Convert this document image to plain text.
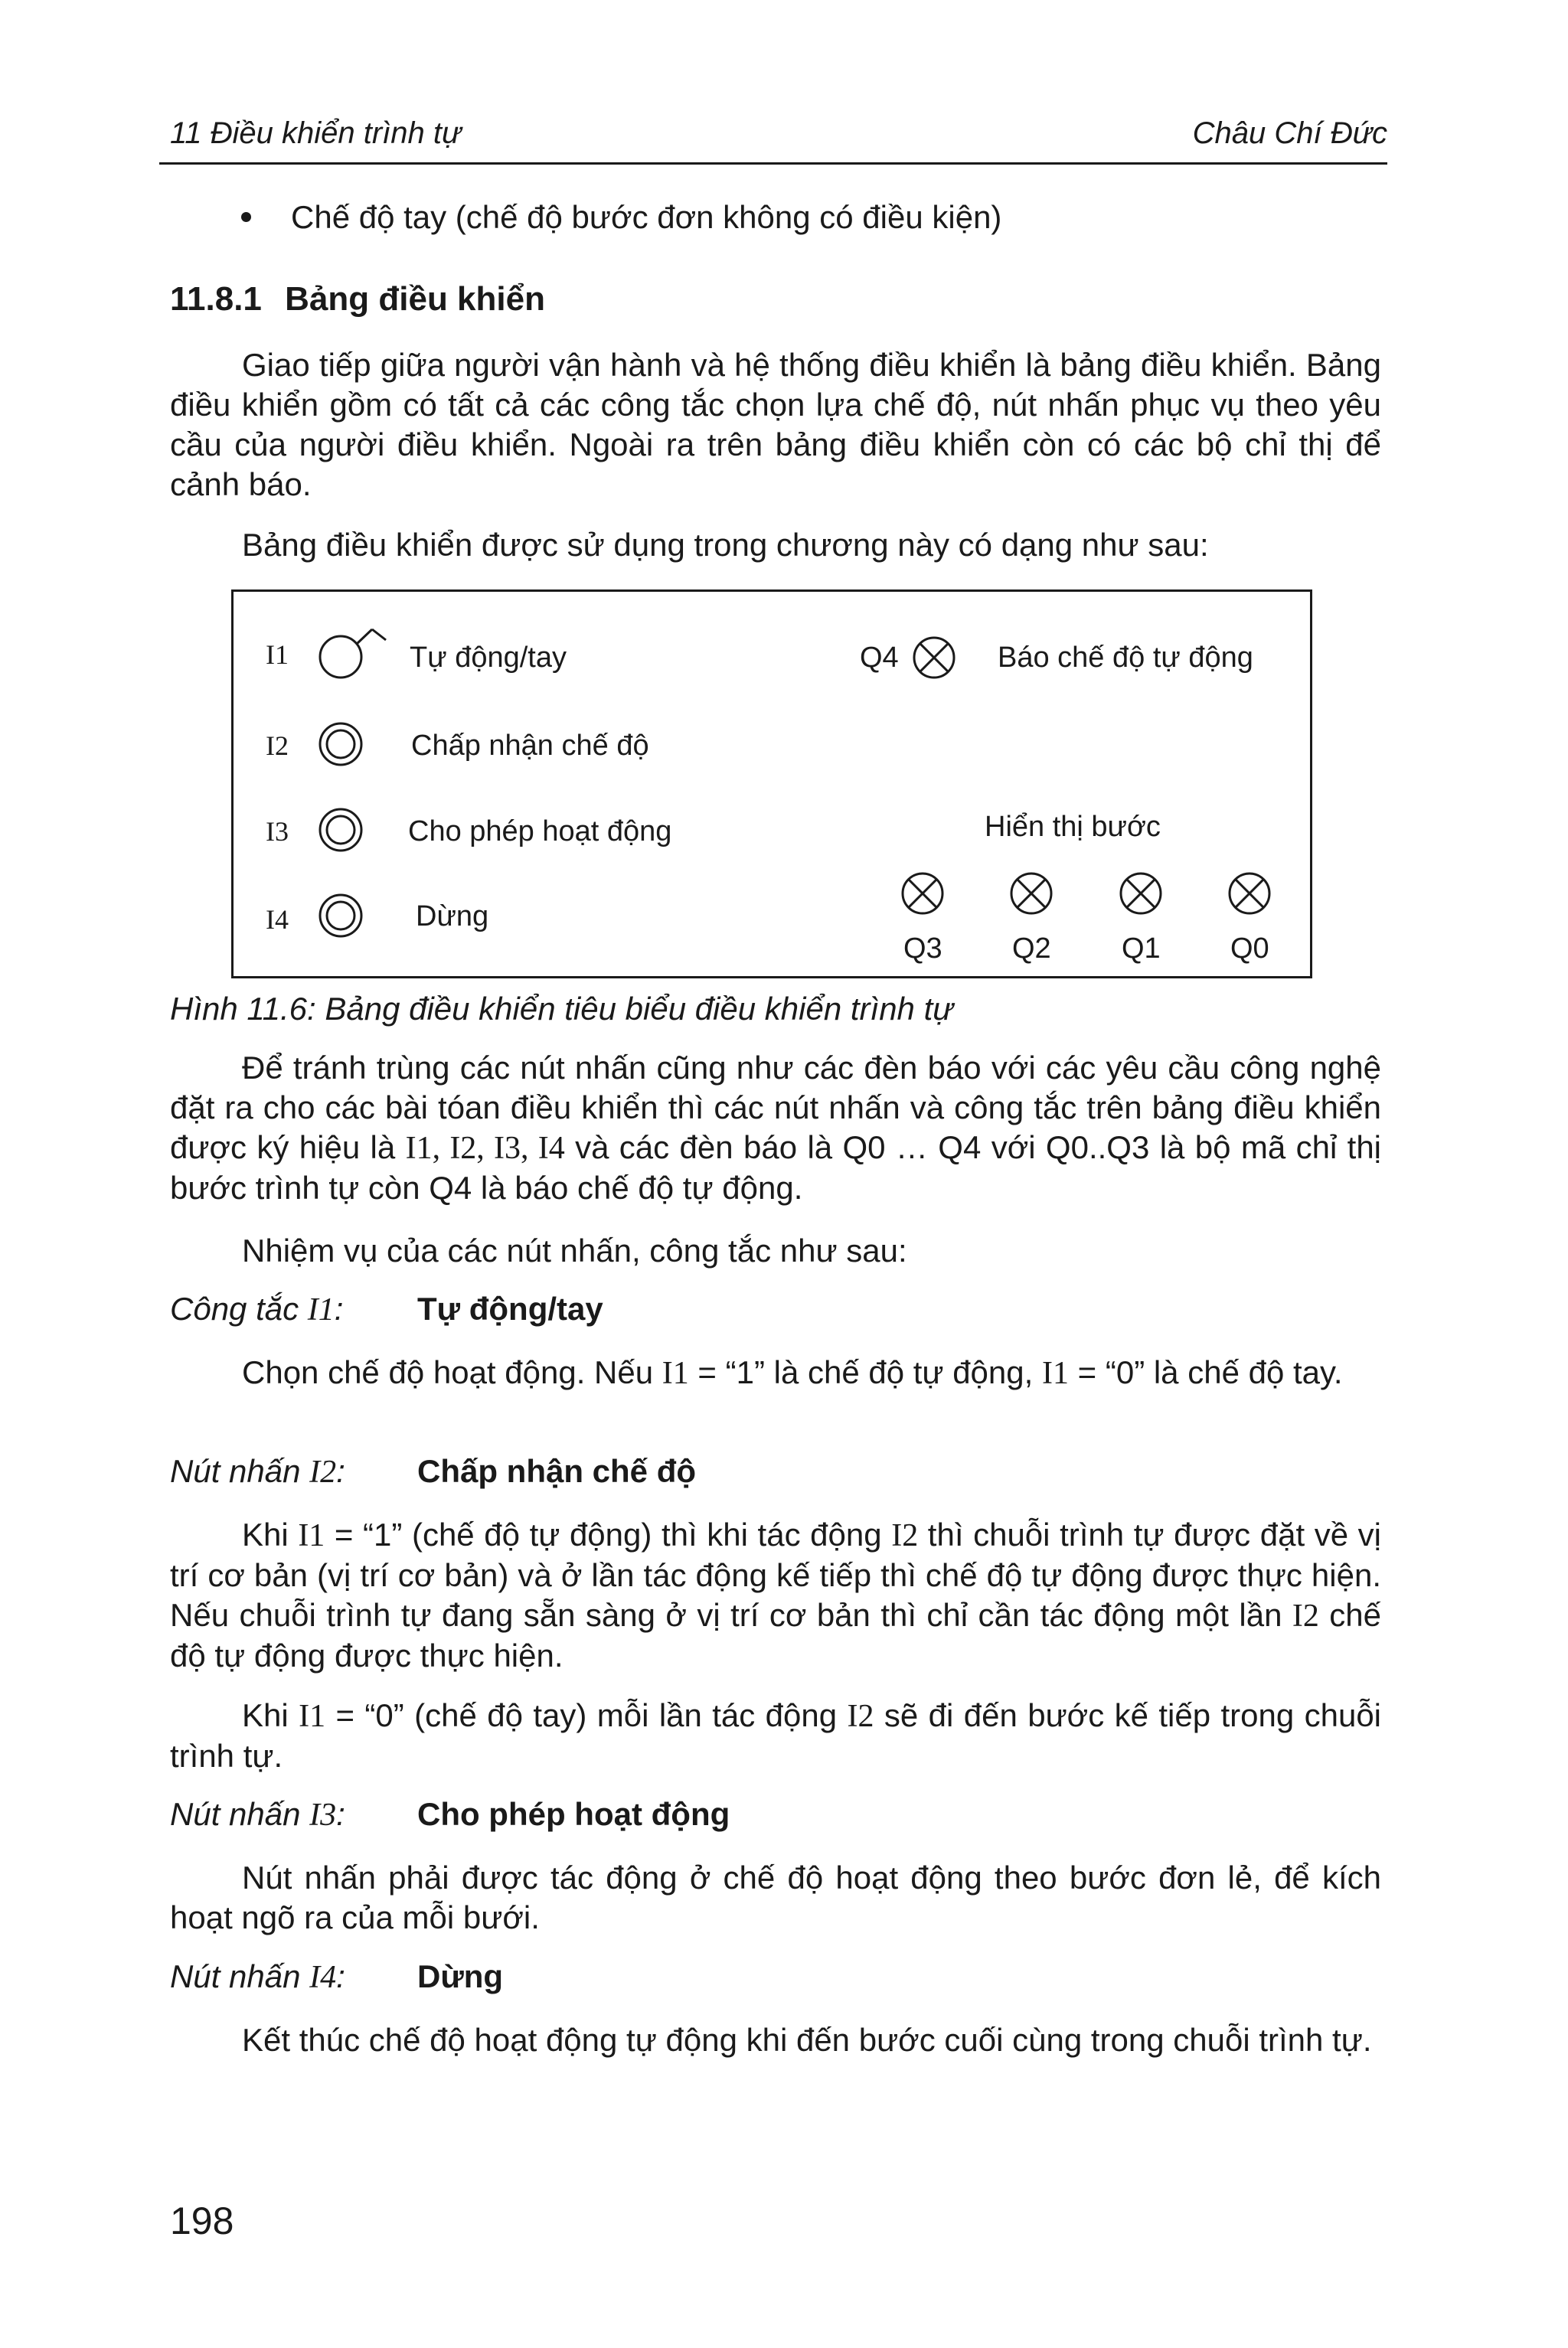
11 Điều khiển trình tự	Châu Chí Đức
Chế độ tay (chế độ bước đơn không có điều kiện)
11.8.1 Bảng điều khiển
Giao tiếp giữa người vận hành và hệ thống điều khiển là bảng điều khiển. Bảng điều khiển gồm có tất cả các công tắc chọn lựa chế độ, nút nhấn phục vụ theo yêu cầu của người điều khiển. Ngoài ra trên bảng điều khiển còn có các bộ chỉ thị để cảnh báo.
Bảng điều khiển được sử dụng trong chương này có dạng như sau:
I1	Tự động/tay	Q4	Báo chế độ tự động
I2	Chấp nhận chế độ
I3	Cho phép hoạt động	Hiển thị bước
I4	Dừng
Q3 Q2 Q1 Q0
Hình 11.6: Bảng điều khiển tiêu biểu điều khiển trình tự
Để tránh trùng các nút nhấn cũng như các đèn báo với các yêu cầu công nghệ đặt ra cho các bài tóan điều khiển thì các nút nhấn và công tắc trên bảng điều khiển được ký hiệu là I1, I2, I3, I4 và các đèn báo là Q0 … Q4 với Q0..Q3 là bộ mã chỉ thị bước trình tự còn Q4 là báo chế độ tự động.
Nhiệm vụ của các nút nhấn, công tắc như sau:
Công tắc I1: Tự động/tay
Chọn chế độ hoạt động. Nếu I1 = “1” là chế độ tự động, I1 = “0” là chế độ tay.
Nút nhấn I2: Chấp nhận chế độ
Khi I1 = “1” (chế độ tự động) thì khi tác động I2 thì chuỗi trình tự được đặt về vị trí cơ bản (vị trí cơ bản) và ở lần tác động kế tiếp thì chế độ tự động được thực hiện. Nếu chuỗi trình tự đang sẵn sàng ở vị trí cơ bản thì chỉ cần tác động một lần I2 chế độ tự động được thực hiện.
Khi I1 = “0” (chế độ tay) mỗi lần tác động I2 sẽ đi đến bước kế tiếp trong chuỗi trình tự.
Nút nhấn I3: Cho phép hoạt động
Nút nhấn phải được tác động ở chế độ hoạt động theo bước đơn lẻ, để kích hoạt ngõ ra của mỗi bưới.
Nút nhấn I4: Dừng
Kết thúc chế độ hoạt động tự động khi đến bước cuối cùng trong chuỗi trình tự.
198
